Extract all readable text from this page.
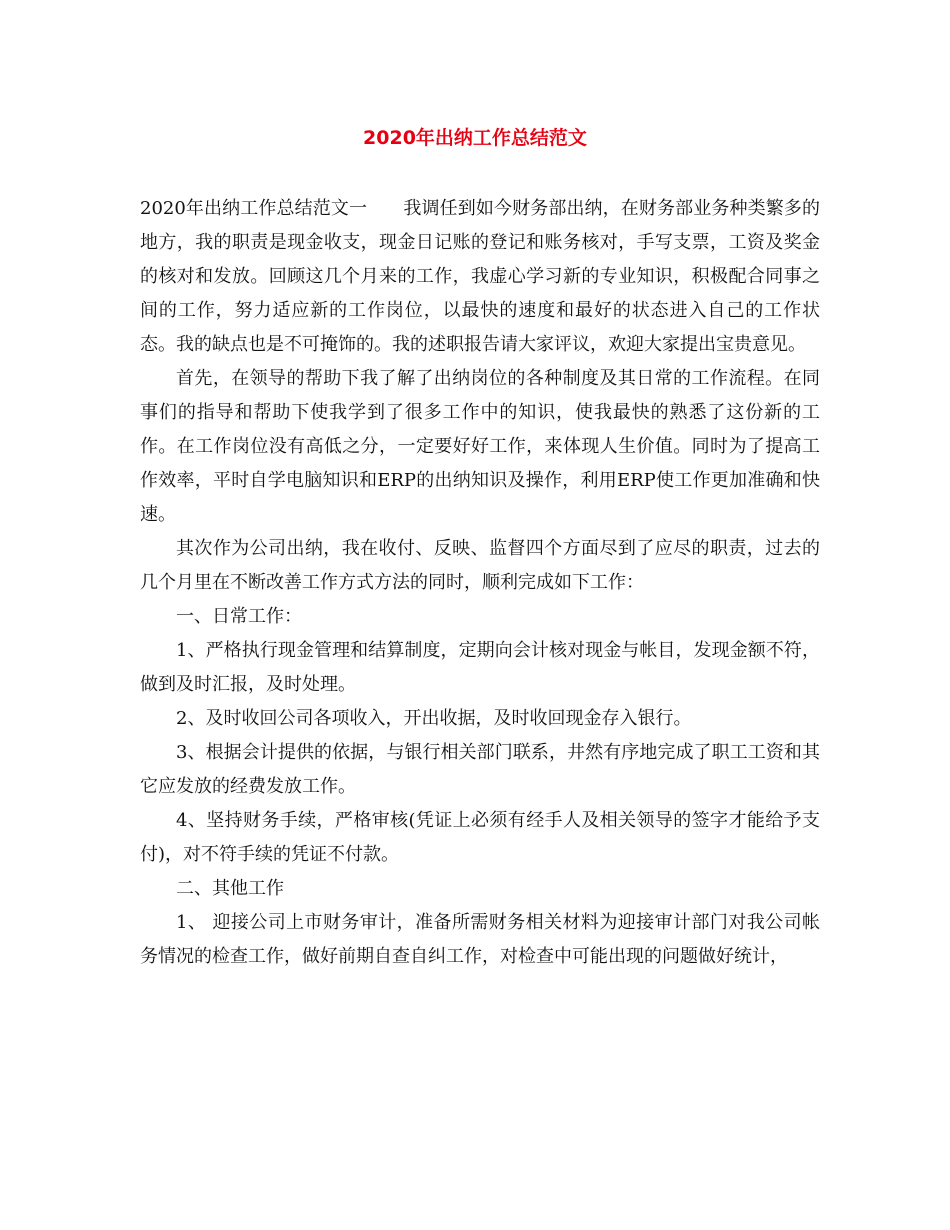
2020年出纳工作总结范文

2020年出纳工作总结范文一　　我调任到如今财务部出纳，在财务部业务种类繁多的地方，我的职责是现金收支，现金日记账的登记和账务核对，手写支票，工资及奖金的核对和发放。回顾这几个月来的工作，我虚心学习新的专业知识，积极配合同事之间的工作，努力适应新的工作岗位，以最快的速度和最好的状态进入自己的工作状态。我的缺点也是不可掩饰的。我的述职报告请大家评议，欢迎大家提出宝贵意见。

首先，在领导的帮助下我了解了出纳岗位的各种制度及其日常的工作流程。在同事们的指导和帮助下使我学到了很多工作中的知识，使我最快的熟悉了这份新的工作。在工作岗位没有高低之分，一定要好好工作，来体现人生价值。同时为了提高工作效率，平时自学电脑知识和ERP的出纳知识及操作，利用ERP使工作更加准确和快速。

其次作为公司出纳，我在收付、反映、监督四个方面尽到了应尽的职责，过去的几个月里在不断改善工作方式方法的同时，顺利完成如下工作：

一、日常工作：

1、严格执行现金管理和结算制度，定期向会计核对现金与帐目，发现金额不符，做到及时汇报，及时处理。

2、及时收回公司各项收入，开出收据，及时收回现金存入银行。

3、根据会计提供的依据，与银行相关部门联系，井然有序地完成了职工工资和其它应发放的经费发放工作。

4、坚持财务手续，严格审核(凭证上必须有经手人及相关领导的签字才能给予支付)，对不符手续的凭证不付款。

二、其他工作

1、 迎接公司上市财务审计，准备所需财务相关材料为迎接审计部门对我公司帐务情况的检查工作，做好前期自查自纠工作，对检查中可能出现的问题做好统计，
